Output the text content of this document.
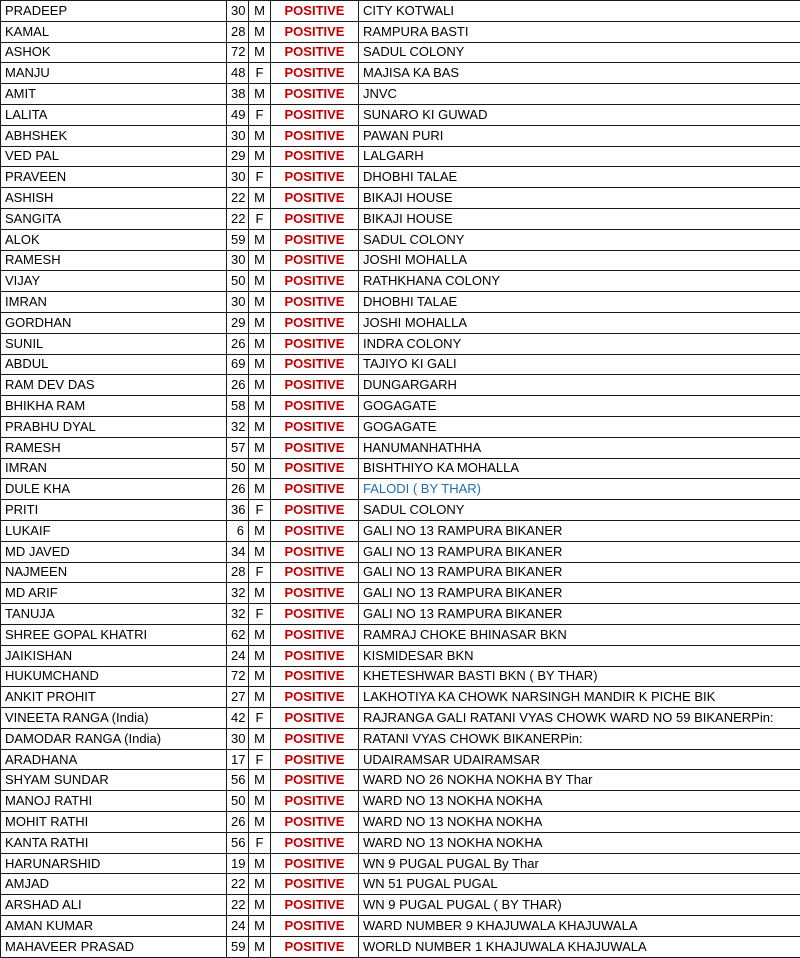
PRADEEP	30	M	POSITIVE	CITY KOTWALI
KAMAL	28	M	POSITIVE	RAMPURA BASTI
ASHOK	72	M	POSITIVE	SADUL COLONY
MANJU	48	F	POSITIVE	MAJISA KA BAS
AMIT	38	M	POSITIVE	JNVC
LALITA	49	F	POSITIVE	SUNARO KI GUWAD
ABHSHEK	30	M	POSITIVE	PAWAN PURI
VED PAL	29	M	POSITIVE	LALGARH
PRAVEEN	30	F	POSITIVE	DHOBHI TALAE
ASHISH	22	M	POSITIVE	BIKAJI HOUSE
SANGITA	22	F	POSITIVE	BIKAJI HOUSE
ALOK	59	M	POSITIVE	SADUL COLONY
RAMESH	30	M	POSITIVE	JOSHI MOHALLA
VIJAY	50	M	POSITIVE	RATHKHANA COLONY
IMRAN	30	M	POSITIVE	DHOBHI TALAE
GORDHAN	29	M	POSITIVE	JOSHI MOHALLA
SUNIL	26	M	POSITIVE	INDRA COLONY
ABDUL	69	M	POSITIVE	TAJIYO KI GALI
RAM DEV DAS	26	M	POSITIVE	DUNGARGARH
BHIKHA RAM	58	M	POSITIVE	GOGAGATE
PRABHU DYAL	32	M	POSITIVE	GOGAGATE
RAMESH	57	M	POSITIVE	HANUMANHATHHA
IMRAN	50	M	POSITIVE	BISHTHIYO KA MOHALLA
DULE KHA	26	M	POSITIVE	FALODI ( BY THAR)
PRITI	36	F	POSITIVE	SADUL COLONY
LUKAIF	6	M	POSITIVE	GALI NO 13 RAMPURA BIKANER
MD JAVED	34	M	POSITIVE	GALI NO 13 RAMPURA BIKANER
NAJMEEN	28	F	POSITIVE	GALI NO 13 RAMPURA BIKANER
MD ARIF	32	M	POSITIVE	GALI NO 13 RAMPURA BIKANER
TANUJA	32	F	POSITIVE	GALI NO 13 RAMPURA BIKANER
SHREE GOPAL KHATRI	62	M	POSITIVE	RAMRAJ CHOKE BHINASAR BKN
JAIKISHAN	24	M	POSITIVE	KISMIDESAR BKN
HUKUMCHAND	72	M	POSITIVE	KHETESHWAR BASTI BKN ( BY THAR)
ANKIT PROHIT	27	M	POSITIVE	LAKHOTIYA KA CHOWK NARSINGH MANDIR K PICHE BIK
VINEETA RANGA (India)	42	F	POSITIVE	RAJRANGA GALI RATANI VYAS CHOWK WARD NO 59 BIKANERPin:
DAMODAR RANGA (India)	30	M	POSITIVE	RATANI VYAS CHOWK BIKANERPin:
ARADHANA	17	F	POSITIVE	UDAIRAMSAR UDAIRAMSAR
SHYAM SUNDAR	56	M	POSITIVE	WARD NO 26 NOKHA NOKHA BY Thar
MANOJ RATHI	50	M	POSITIVE	WARD NO 13 NOKHA NOKHA
MOHIT RATHI	26	M	POSITIVE	WARD NO 13 NOKHA NOKHA
KANTA RATHI	56	F	POSITIVE	WARD NO 13 NOKHA NOKHA
HARUNARSHID	19	M	POSITIVE	WN 9 PUGAL PUGAL By Thar
AMJAD	22	M	POSITIVE	WN 51 PUGAL PUGAL
ARSHAD ALI	22	M	POSITIVE	WN 9 PUGAL PUGAL ( BY THAR)
AMAN KUMAR	24	M	POSITIVE	WARD NUMBER 9 KHAJUWALA KHAJUWALA
MAHAVEER PRASAD	59	M	POSITIVE	WORLD NUMBER 1 KHAJUWALA KHAJUWALA
